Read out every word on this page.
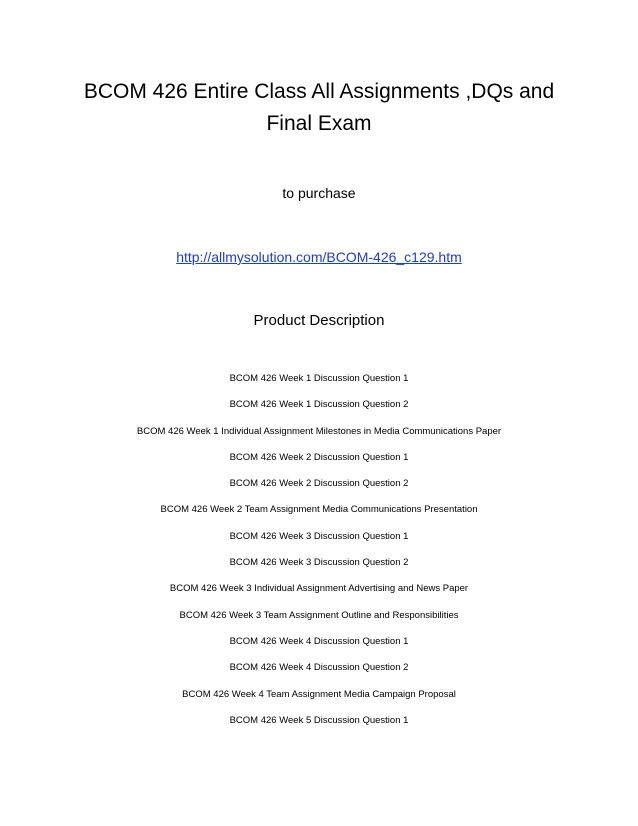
BCOM 426 Entire Class All Assignments ,DQs and Final Exam
to purchase
http://allmysolution.com/BCOM-426_c129.htm
Product Description
BCOM 426 Week 1 Discussion Question 1
BCOM 426 Week 1 Discussion Question 2
BCOM 426 Week 1 Individual Assignment Milestones in Media Communications Paper
BCOM 426 Week 2 Discussion Question 1
BCOM 426 Week 2 Discussion Question 2
BCOM 426 Week 2 Team Assignment Media Communications Presentation
BCOM 426 Week 3 Discussion Question 1
BCOM 426 Week 3 Discussion Question 2
BCOM 426 Week 3 Individual Assignment Advertising and News Paper
BCOM 426 Week 3 Team Assignment Outline and Responsibilities
BCOM 426 Week 4 Discussion Question 1
BCOM 426 Week 4 Discussion Question 2
BCOM 426 Week 4 Team Assignment Media Campaign Proposal
BCOM 426 Week 5 Discussion Question 1
